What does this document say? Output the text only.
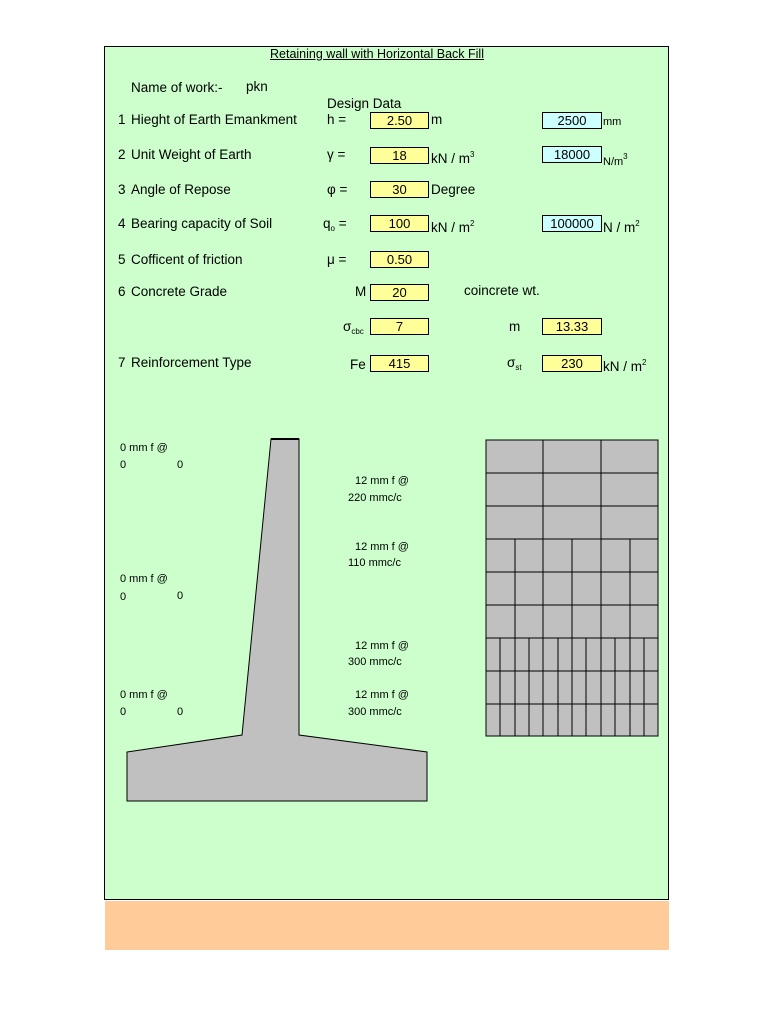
Retaining wall with Horizontal Back Fill
Name of work:- pkn
Design Data
1 Hieght of Earth Emankment h =	2.50	m	2500	mm
2 Unit Weight of Earth	γ =	18	kN / $m^3$	18000	$N/m^3$
3 Angle of Repose	φ =	30	Degree
4 Bearing capacity of Soil	$q_o$ =	100	kN / $m^2$	100000 N / $m^2$
5 Cofficent of friction	μ =	0.50
6 Concrete Grade	M	20	coincrete wt.
$\sigma_{cbc}$	7	m	13.33
7 Reinforcement Type	Fe	415	$\sigma_{st}$	230	kN / $m^2$
0 mm f @
0	0
0 mm f @
0	0
0 mm f @
0	0
12 mm f @
220 mmc/c
12 mm f @
110 mmc/c
12 mm f @
300 mmc/c
12 mm f @
300 mmc/c
